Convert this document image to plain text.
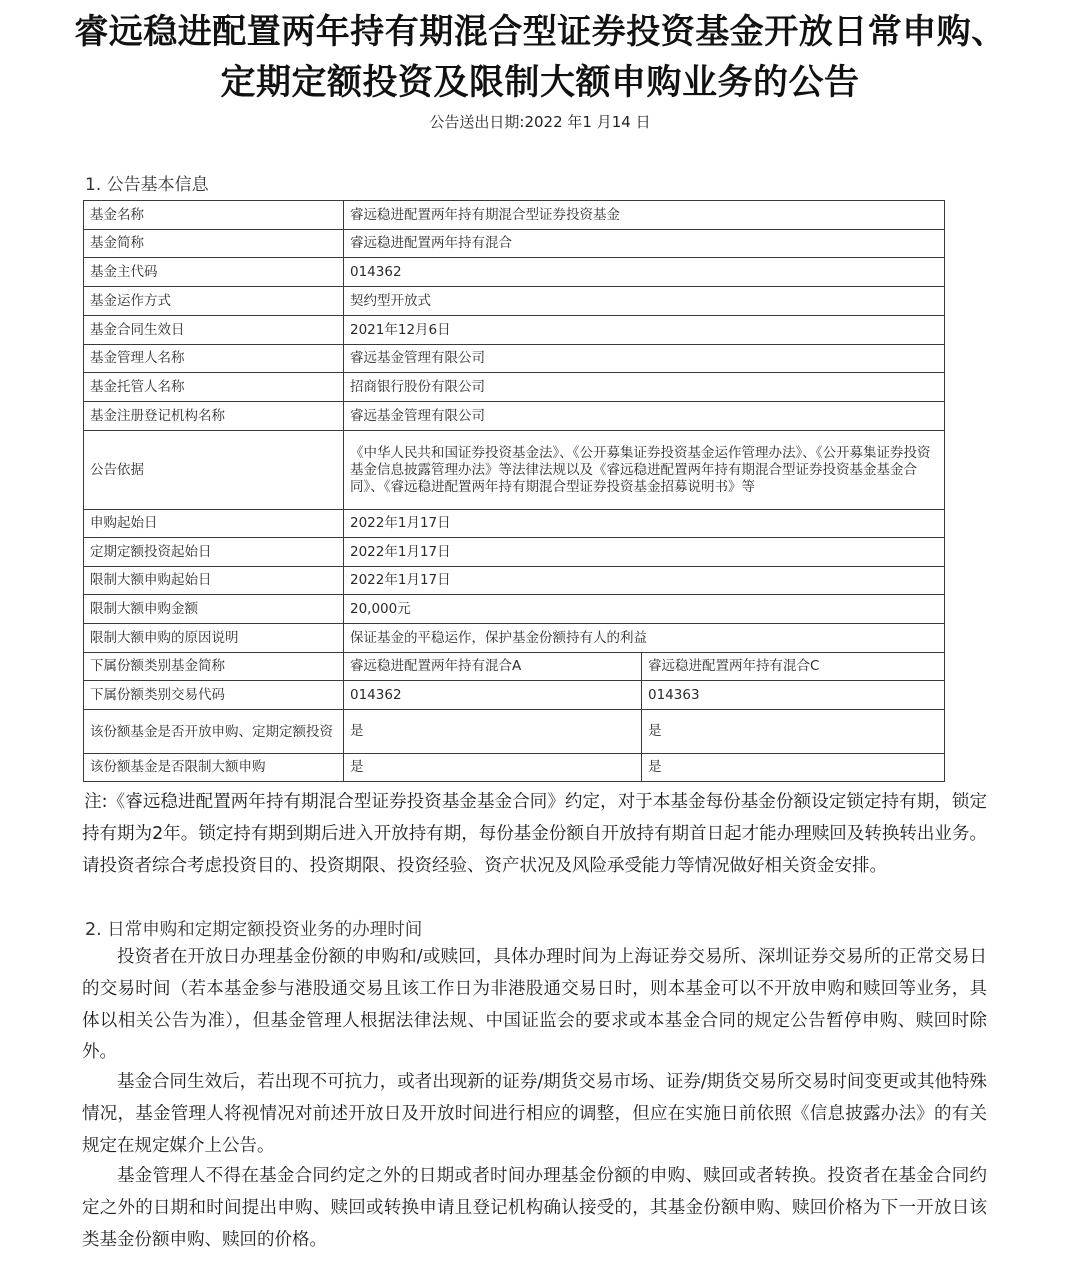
睿远稳进配置两年持有期混合型证券投资基金开放日常申购、
定期定额投资及限制大额申购业务的公告
公告送出日期:2022 年1 月14 日
1. 公告基本信息
基金名称	睿远稳进配置两年持有期混合型证券投资基金	
基金简称	睿远稳进配置两年持有混合	
基金主代码	014362	
基金运作方式	契约型开放式	
基金合同生效日	2021年12月6日	
基金管理人名称	睿远基金管理有限公司	
基金托管人名称	招商银行股份有限公司	
基金注册登记机构名称	睿远基金管理有限公司	
公告依据	《中华人民共和国证券投资基金法》、《公开募集证券投资基金运作管理办法》、《公开募集证券投资基金信息披露管理办法》等法律法规以及《睿远稳进配置两年持有期混合型证券投资基金基金合同》、《睿远稳进配置两年持有期混合型证券投资基金招募说明书》等	
申购起始日	2022年1月17日	
定期定额投资起始日	2022年1月17日	
限制大额申购起始日	2022年1月17日	
限制大额申购金额	20,000元	
限制大额申购的原因说明	保证基金的平稳运作，保护基金份额持有人的利益	
下属份额类别基金简称	睿远稳进配置两年持有混合A	睿远稳进配置两年持有混合C
下属份额类别交易代码	014362	014363
该份额基金是否开放申购、定期定额投资	是	是
该份额基金是否限制大额申购	是	是

注:《睿远稳进配置两年持有期混合型证券投资基金基金合同》约定，对于本基金每份基金份额设定锁定持有期，锁定持有期为2年。锁定持有期到期后进入开放持有期，每份基金份额自开放持有期首日起才能办理赎回及转换转出业务。请投资者综合考虑投资目的、投资期限、投资经验、资产状况及风险承受能力等情况做好相关资金安排。

2. 日常申购和定期定额投资业务的办理时间

投资者在开放日办理基金份额的申购和/或赎回，具体办理时间为上海证券交易所、深圳证券交易所的正常交易日的交易时间（若本基金参与港股通交易且该工作日为非港股通交易日时，则本基金可以不开放申购和赎回等业务，具体以相关公告为准），但基金管理人根据法律法规、中国证监会的要求或本基金合同的规定公告暂停申购、赎回时除外。

基金合同生效后，若出现不可抗力，或者出现新的证券/期货交易市场、证券/期货交易所交易时间变更或其他特殊情况，基金管理人将视情况对前述开放日及开放时间进行相应的调整，但应在实施日前依照《信息披露办法》的有关规定在规定媒介上公告。

基金管理人不得在基金合同约定之外的日期或者时间办理基金份额的申购、赎回或者转换。投资者在基金合同约定之外的日期和时间提出申购、赎回或转换申请且登记机构确认接受的，其基金份额申购、赎回价格为下一开放日该类基金份额申购、赎回的价格。
